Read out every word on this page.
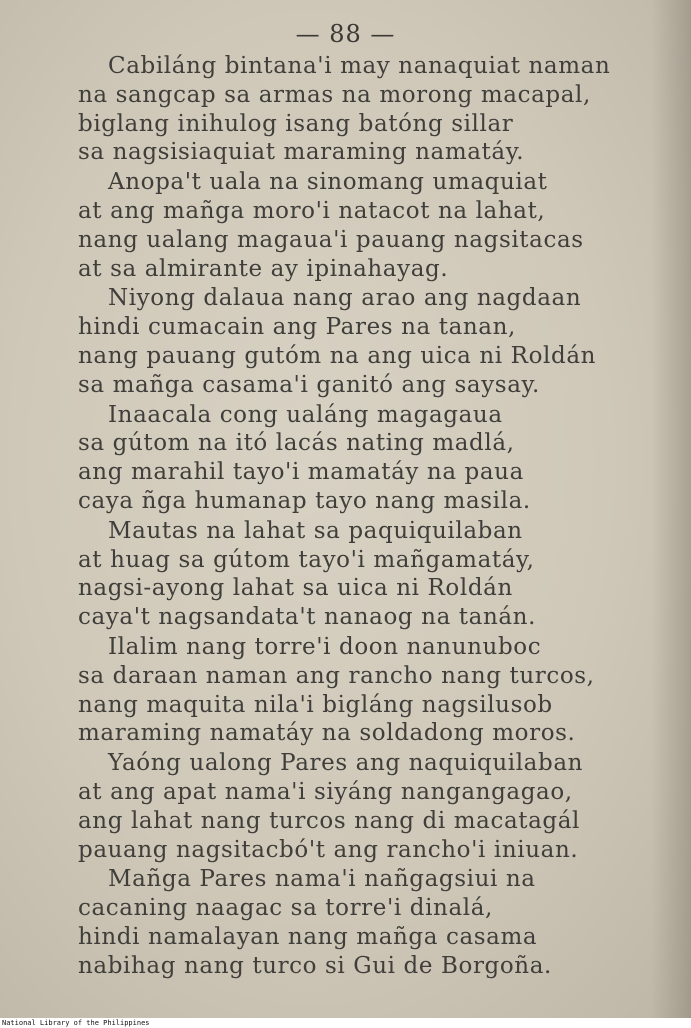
— 88 —
Cabiláng bintana'i may nanaquiat naman
na sangcap sa armas na morong macapal,
biglang inihulog isang batóng sillar
sa nagsisiaquiat maraming namatáy.
Anopa't uala na sinomang umaquiat
at ang mañga moro'i natacot na lahat,
nang ualang magaua'i pauang nagsitacas
at sa almirante ay ipinahayag.
Niyong dalaua nang arao ang nagdaan
hindi cumacain ang Pares na tanan,
nang pauang gutóm na ang uica ni Roldán
sa mañga casama'i ganitó ang saysay.
Inaacala cong ualáng magagaua
sa gútom na itó lacás nating madlá,
ang marahil tayo'i mamatáy na paua
caya ñga humanap tayo nang masila.
Mautas na lahat sa paquiquilaban
at huag sa gútom tayo'i mañgamatáy,
nagsi-ayong lahat sa uica ni Roldán
caya't nagsandata't nanaog na tanán.
Ilalim nang torre'i doon nanunuboc
sa daraan naman ang rancho nang turcos,
nang maquita nila'i bigláng nagsilusob
maraming namatáy na soldadong moros.
Yaóng ualong Pares ang naquiquilaban
at ang apat nama'i siyáng nangangagao,
ang lahat nang turcos nang di macatagál
pauang nagsitacbó't ang rancho'i iniuan.
Mañga Pares nama'i nañgagsiui na
cacaning naagac sa torre'i dinalá,
hindi namalayan nang mañga casama
nabihag nang turco si Gui de Borgoña.
National Library of the Philippines
